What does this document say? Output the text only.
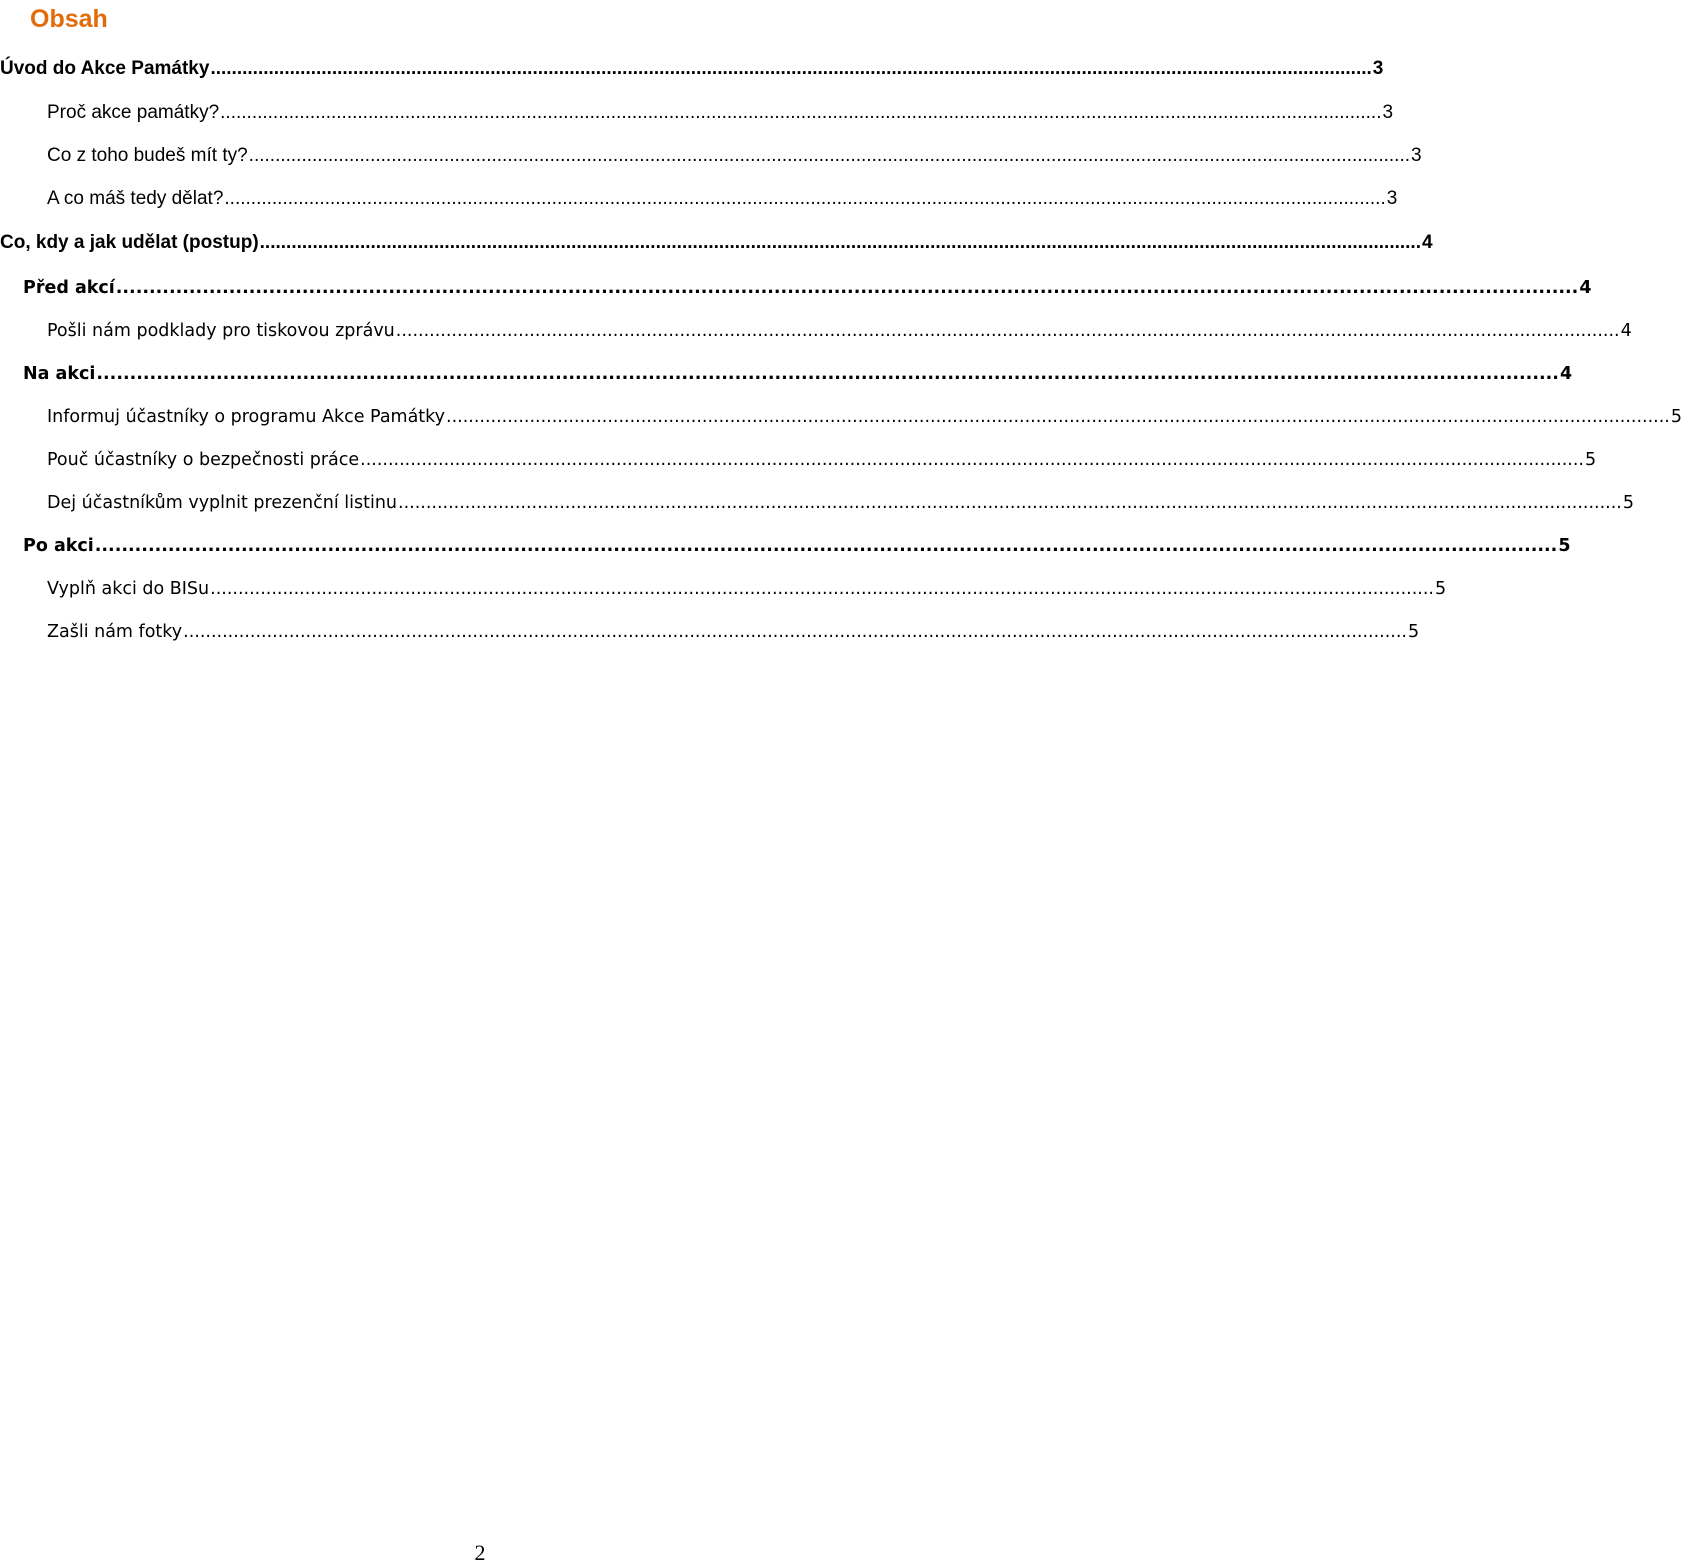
Obsah
Úvod do Akce Památky ............................................................................................................................................................................................................................ 3
Proč akce památky? ............................................................................................................................................................................................................................ 3
Co z toho budeš mít ty? ............................................................................................................................................................................................................................ 3
A co máš tedy dělat? ............................................................................................................................................................................................................................ 3
Co, kdy a jak udělat (postup) ............................................................................................................................................................................................................................ 4
Před akcí ............................................................................................................................................................................................................................ 4
Pošli nám podklady pro tiskovou zprávu ............................................................................................................................................................................................................................ 4
Na akci ............................................................................................................................................................................................................................ 4
Informuj účastníky o programu Akce Památky ............................................................................................................................................................................................................................ 5
Pouč účastníky o bezpečnosti práce ............................................................................................................................................................................................................................ 5
Dej účastníkům vyplnit prezenční listinu ............................................................................................................................................................................................................................ 5
Po akci ............................................................................................................................................................................................................................ 5
Vyplň akci do BISu ............................................................................................................................................................................................................................ 5
Zašli nám fotky ............................................................................................................................................................................................................................ 5
2
